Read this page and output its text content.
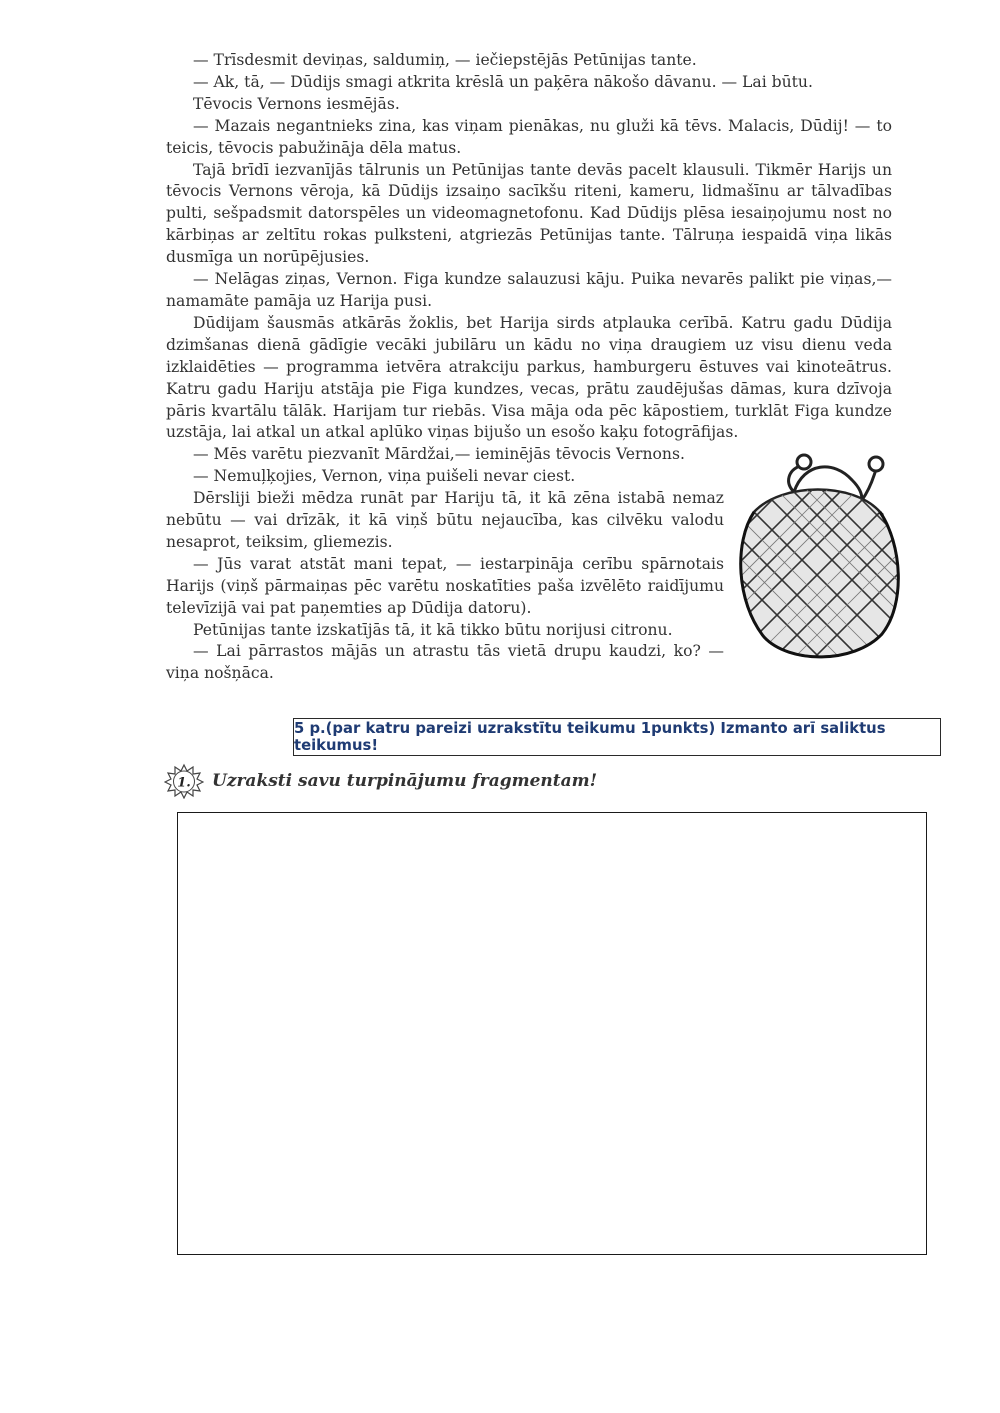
— Trīsdesmit deviņas, saldumiņ, — iečiepstējās Petūnijas tante.

— Ak, tā, — Dūdijs smagi atkrita krēslā un paķēra nākošo dāvanu. — Lai būtu.

Tēvocis Vernons iesmējās.

— Mazais negantnieks zina, kas viņam pienākas, nu gluži kā tēvs. Malacis, Dūdij! — to teicis, tēvocis pabužināja dēla matus.

Tajā brīdī iezvanījās tālrunis un Petūnijas tante devās pacelt klausuli. Tikmēr Harijs un tēvocis Vernons vēroja, kā Dūdijs izsaiņo sacīkšu riteni, kameru, lidmašīnu ar tālvadības pulti, sešpadsmit datorspēles un videomagnetofonu. Kad Dūdijs plēsa iesaiņojumu nost no kārbiņas ar zeltītu rokas pulksteni, atgriezās Petūnijas tante. Tālruņa iespaidā viņa likās dusmīga un norūpējusies.

— Nelāgas ziņas, Vernon. Figa kundze salauzusi kāju. Puika nevarēs palikt pie viņas,— namamāte pamāja uz Harija pusi.

Dūdijam šausmās atkārās žoklis, bet Harija sirds atplauka cerībā. Katru gadu Dūdija dzimšanas dienā gādīgie vecāki jubilāru un kādu no viņa draugiem uz visu dienu veda izklaidēties — programma ietvēra atrakciju parkus, hamburgeru ēstuves vai kinoteātrus. Katru gadu Hariju atstāja pie Figa kundzes, vecas, prātu zaudējušas dāmas, kura dzīvoja pāris kvartālu tālāk. Harijam tur riebās. Visa māja oda pēc kāpostiem, turklāt Figa kundze uzstāja, lai atkal un atkal aplūko viņas bijušo un esošo kaķu fotogrāfijas.

— Mēs varētu piezvanīt Mārdžai,— ieminējās tēvocis Vernons.

— Nemuļķojies, Vernon, viņa puišeli nevar ciest.

Dērsliji bieži mēdza runāt par Hariju tā, it kā zēna istabā nemaz nebūtu — vai drīzāk, it kā viņš būtu nejaucība, kas cilvēku valodu nesaprot, teiksim, gliemezis.

— Jūs varat atstāt mani tepat, — iestarpināja cerību spārnotais Harijs (viņš pārmaiņas pēc varētu noskatīties paša izvēlēto raidījumu televīzijā vai pat paņemties ap Dūdija datoru).

Petūnijas tante izskatījās tā, it kā tikko būtu norijusi citronu.

— Lai pārrastos mājās un atrastu tās vietā drupu kaudzi, ko? — viņa nošņāca.

5 p.(par katru pareizi uzrakstītu teikumu 1punkts) Izmanto arī saliktus teikumus!
1. Uzraksti savu turpinājumu fragmentam!
